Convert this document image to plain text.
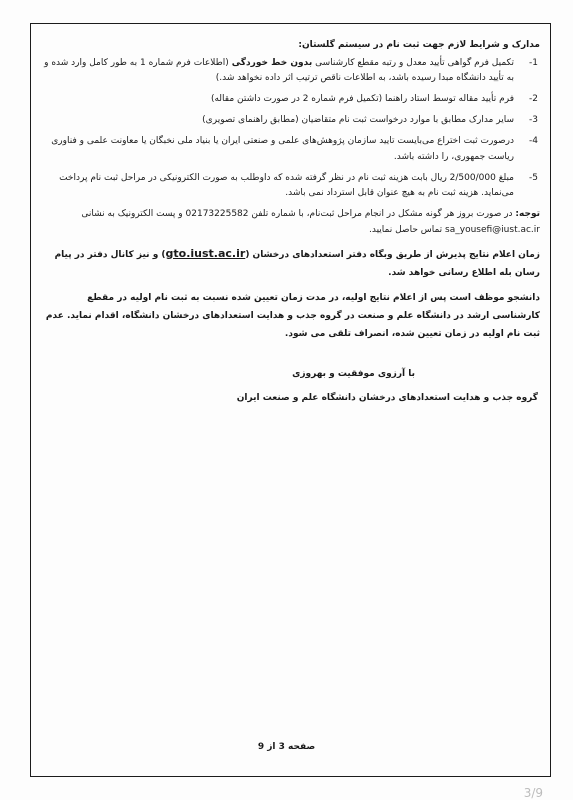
مدارک و شرایط لازم جهت ثبت نام در سیستم گلستان:
1-
تکمیل فرم گواهی تأیید معدل و رتبه مقطع کارشناسی بدون خط خوردگی (اطلاعات فرم شماره 1 به طور کامل وارد شده و به تأیید دانشگاه مبدا رسیده باشد، به اطلاعات ناقص ترتیب اثر داده نخواهد شد.)
2-
فرم تأیید مقاله توسط استاد راهنما (تکمیل فرم شماره 2 در صورت داشتن مقاله)
3-
سایر مدارک مطابق با موارد درخواست ثبت نام متقاضیان (مطابق راهنمای تصویری)
4-
درصورت ثبت اختراع می‌بایست تایید سازمان پژوهش‌های علمی و صنعتی ایران یا بنیاد ملی نخبگان یا معاونت علمی و فناوری ریاست جمهوری، را داشته باشد.
5-
مبلغ 2/500/000 ریال بابت هزینه ثبت نام در نظر گرفته شده که داوطلب به صورت الکترونیکی در مراحل ثبت نام پرداخت می‌نماید. هزینه ثبت نام به هیچ عنوان قابل استرداد نمی باشد.
توجه: در صورت بروز هر گونه مشکل در انجام مراحل ثبت‌نام، با شماره تلفن 02173225582 و پست الکترونیک به نشانی
sa_yousefi@iust.ac.ir تماس حاصل نمایید.
زمان اعلام نتایج پذیرش از طریق وبگاه دفتر استعدادهای درخشان (gto.iust.ac.ir) و نیز کانال دفتر در پیام رسان بله اطلاع رسانی خواهد شد.
دانشجو موظف است پس از اعلام نتایج اولیه، در مدت زمان تعیین شده نسبت به ثبت نام اولیه در مقطع کارشناسی ارشد در دانشگاه علم و صنعت در گروه جذب و هدایت استعدادهای درخشان دانشگاه، اقدام نماید. عدم ثبت نام اولیه در زمان تعیین شده، انصراف تلقی می شود.
با آرزوی موفقیت و بهروزی
گروه جذب و هدایت استعدادهای درخشان دانشگاه علم و صنعت ایران
صفحه 3 از 9
3/9
